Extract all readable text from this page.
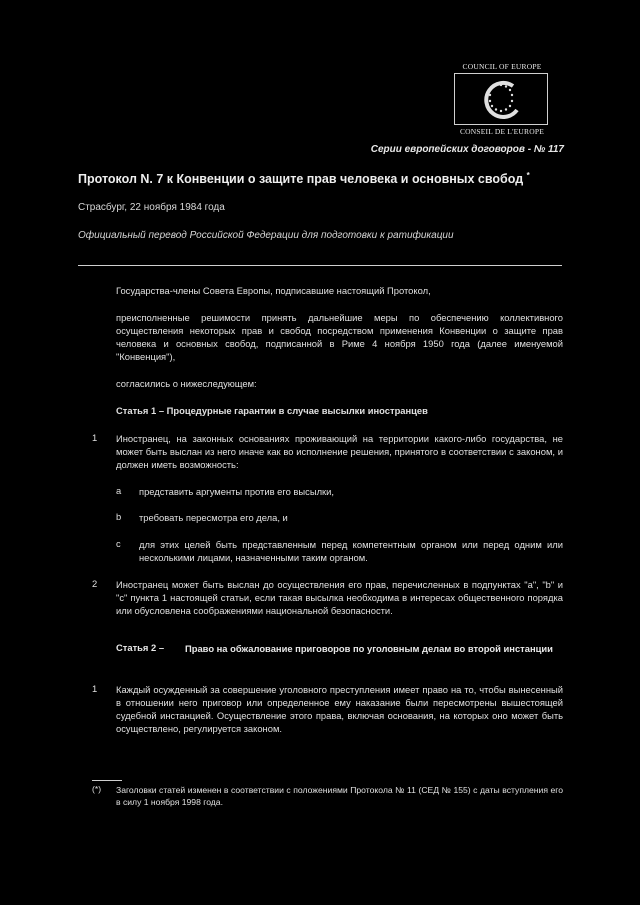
COUNCIL OF EUROPE
CONSEIL DE L'EUROPE
Серии европейских договоров - № 117
Протокол N. 7 к Конвенции о защите прав человека и основных свобод *
Страсбург, 22 ноября 1984 года
Официальный перевод Российской Федерации для подготовки к ратификации
Государства-члены Совета Европы, подписавшие настоящий Протокол,
преисполненные решимости принять дальнейшие меры по обеспечению коллективного осуществления некоторых прав и свобод посредством применения Конвенции о защите прав человека и основных свобод, подписанной в Риме 4 ноября 1950 года (далее именуемой "Конвенция"),
согласились о нижеследующем:
Статья 1 – Процедурные гарантии в случае высылки иностранцев
1 Иностранец, на законных основаниях проживающий на территории какого-либо государства, не может быть выслан из него иначе как во исполнение решения, принятого в соответствии с законом, и должен иметь возможность:
a представить аргументы против его высылки,
b требовать пересмотра его дела, и
c для этих целей быть представленным перед компетентным органом или перед одним или несколькими лицами, назначенными таким органом.
2 Иностранец может быть выслан до осуществления его прав, перечисленных в подпунктах "a", "b" и "c" пункта 1 настоящей статьи, если такая высылка необходима в интересах общественного порядка или обусловлена соображениями национальной безопасности.
Статья 2 – Право на обжалование приговоров по уголовным делам во второй инстанции
1 Каждый осужденный за совершение уголовного преступления имеет право на то, чтобы вынесенный в отношении него приговор или определенное ему наказание были пересмотрены вышестоящей судебной инстанцией. Осуществление этого права, включая основания, на которых оно может быть осуществлено, регулируется законом.
(*) Заголовки статей изменен в соответствии с положениями Протокола № 11 (СЕД № 155) с даты вступления его в силу 1 ноября 1998 года.
